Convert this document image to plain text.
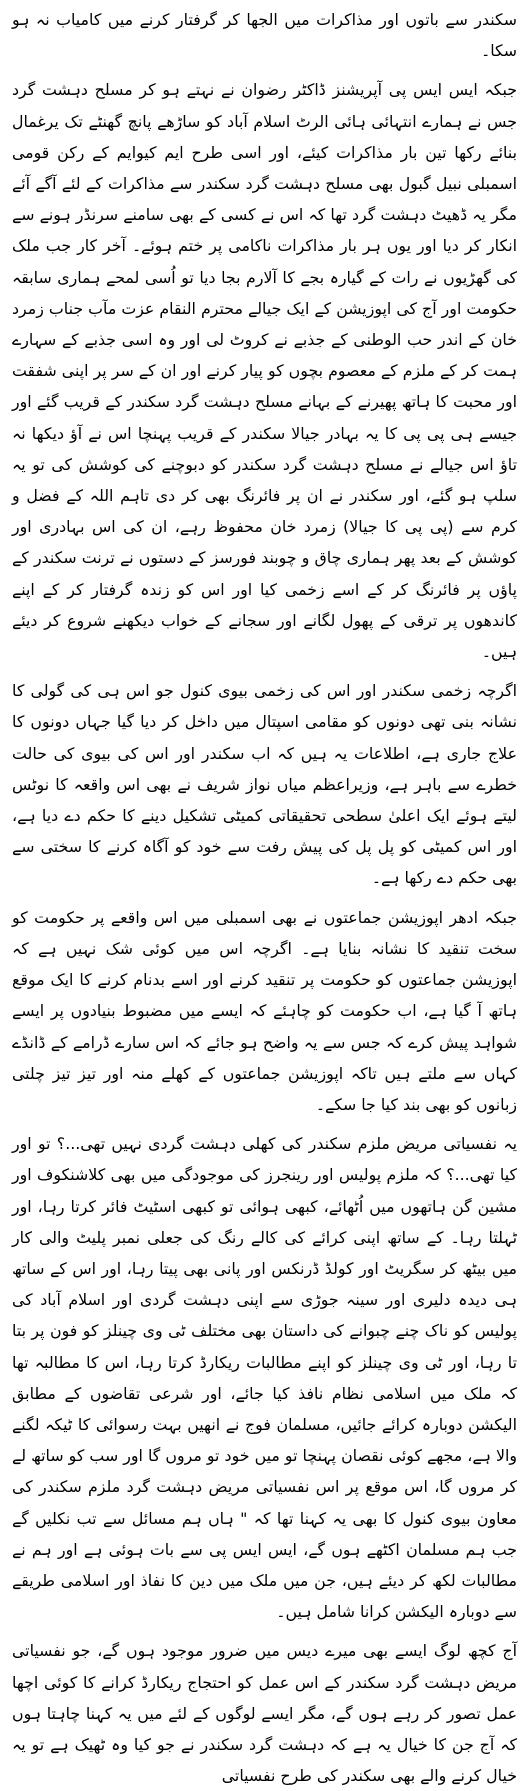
سکندر سے باتوں اور مذاکرات میں الجھا کر گرفتار کرنے میں کامیاب نہ ہو سکا۔

جبکہ ایس ایس پی آپریشنز ڈاکٹر رضوان نے نہتے ہو کر مسلح دہشت گرد جس نے ہمارے انتہائی ہائی الرٹ اسلام آباد کو ساڑھے پانچ گھنٹے تک یرغمال بنائے رکھا تین بار مذاکرات کیئے، اور اسی طرح ایم کیوایم کے رکن قومی اسمبلی نبیل گبول بھی مسلح دہشت گرد سکندر سے مذاکرات کے لئے آگے آئے مگر یہ ڈھیٹ دہشت گرد تھا کہ اس نے کسی کے بھی سامنے سرنڈر ہونے سے انکار کر دیا اور یوں ہر بار مذاکرات ناکامی پر ختم ہوئے۔ آخر کار جب ملک کی گھڑیوں نے رات کے گیارہ بجے کا آلارم بجا دیا تو اُسی لمحے ہماری سابقہ حکومت اور آج کی اپوزیشن کے ایک جیالے محترم النقام عزت مآب جناب زمرد خان کے اندر حب الوطنی کے جذبے نے کروٹ لی اور وہ اسی جذبے کے سہارے ہمت کر کے ملزم کے معصوم بچوں کو پیار کرنے اور ان کے سر پر اپنی شفقت اور محبت کا ہاتھ پھیرنے کے بہانے مسلح دہشت گرد سکندر کے قریب گئے اور جیسے ہی پی پی کا یہ بہادر جیالا سکندر کے قریب پہنچا اس نے آؤ دیکھا نہ تاؤ اس جیالے نے مسلح دہشت گرد سکندر کو دبوچنے کی کوشش کی تو یہ سلپ ہو گئے، اور سکندر نے ان پر فائرنگ بھی کر دی تاہم اللہ کے فضل و کرم سے (پی پی کا جیالا) زمرد خان محفوظ رہے، ان کی اس بہادری اور کوشش کے بعد پھر ہماری چاق و چوبند فورسز کے دستوں نے ترنت سکندر کے پاؤں پر فائرنگ کر کے اسے زخمی کیا اور اس کو زندہ گرفتار کر کے اپنے کاندھوں پر ترقی کے پھول لگانے اور سجانے کے خواب دیکھنے شروع کر دیئے ہیں۔

اگرچہ زخمی سکندر اور اس کی زخمی بیوی کنول جو اس ہی کی گولی کا نشانہ بنی تھی دونوں کو مقامی اسپتال میں داخل کر دیا گیا جہاں دونوں کا علاج جاری ہے، اطلاعات یہ ہیں کہ اب سکندر اور اس کی بیوی کی حالت خطرے سے باہر ہے، وزیراعظم میاں نواز شریف نے بھی اس واقعہ کا نوٹس لیتے ہوئے ایک اعلیٰ سطحی تحقیقاتی کمیٹی تشکیل دینے کا حکم دے دیا ہے، اور اس کمیٹی کو پل پل کی پیش رفت سے خود کو آگاہ کرنے کا سختی سے بھی حکم دے رکھا ہے۔

جبکہ ادھر اپوزیشن جماعتوں نے بھی اسمبلی میں اس واقعے پر حکومت کو سخت تنقید کا نشانہ بنایا ہے۔ اگرچہ اس میں کوئی شک نہیں ہے کہ اپوزیشن جماعتوں کو حکومت پر تنقید کرنے اور اسے بدنام کرنے کا ایک موقع ہاتھ آ گیا ہے، اب حکومت کو چاہئے کہ ایسے میں مضبوط بنیادوں پر ایسے شواہد پیش کرے کہ جس سے یہ واضح ہو جائے کہ اس سارے ڈرامے کے ڈانڈے کہاں سے ملتے ہیں تاکہ اپوزیشن جماعتوں کے کھلے منہ اور تیز تیز چلتی زبانوں کو بھی بند کیا جا سکے۔

یہ نفسیاتی مریض ملزم سکندر کی کھلی دہشت گردی نہیں تھی...؟ تو اور کیا تھی...؟ کہ ملزم پولیس اور رینجرز کی موجودگی میں بھی کلاشنکوف اور مشین گن ہاتھوں میں اُٹھائے، کبھی ہوائی تو کبھی اسٹیٹ فائر کرتا رہا، اور ٹہلتا رہا۔ کے ساتھ اپنی کرائے کی کالے رنگ کی جعلی نمبر پلیٹ والی کار میں بیٹھ کر سگریٹ اور کولڈ ڈرنکس اور پانی بھی پیتا رہا، اور اس کے ساتھ ہی دیدہ دلیری اور سینہ جوڑی سے اپنی دہشت گردی اور اسلام آباد کی پولیس کو ناک چنے چبوانے کی داستان بھی مختلف ٹی وی چینلز کو فون پر بتا تا رہا، اور ٹی وی چینلز کو اپنے مطالبات ریکارڈ کرتا رہا، اس کا مطالبہ تھا کہ ملک میں اسلامی نظام نافذ کیا جائے، اور شرعی تقاضوں کے مطابق الیکشن دوبارہ کرائے جائیں، مسلمان فوج نے انھیں بہت رسوائی کا ٹیکہ لگنے والا ہے، مجھے کوئی نقصان پہنچا تو میں خود تو مروں گا اور سب کو ساتھ لے کر مروں گا، اس موقع پر اس نفسیاتی مریض دہشت گرد ملزم سکندر کی معاون بیوی کنول کا بھی یہ کہنا تھا کہ " ہاں ہم مسائل سے تب نکلیں گے جب ہم مسلمان اکٹھے ہوں گے، ایس ایس پی سے بات ہوئی ہے اور ہم نے مطالبات لکھ کر دیئے ہیں، جن میں ملک میں دین کا نفاذ اور اسلامی طریقے سے دوبارہ الیکشن کرانا شامل ہیں۔

آج کچھ لوگ ایسے بھی میرے دیس میں ضرور موجود ہوں گے، جو نفسیاتی مریض دہشت گرد سکندر کے اس عمل کو احتجاج ریکارڈ کرانے کا کوئی اچھا عمل تصور کر رہے ہوں گے، مگر ایسے لوگوں کے لئے میں یہ کہنا چاہتا ہوں کہ آج جن کا خیال یہ ہے کہ دہشت گرد سکندر نے جو کیا وہ ٹھیک ہے تو یہ خیال کرنے والے بھی سکندر کی طرح نفسیاتی
